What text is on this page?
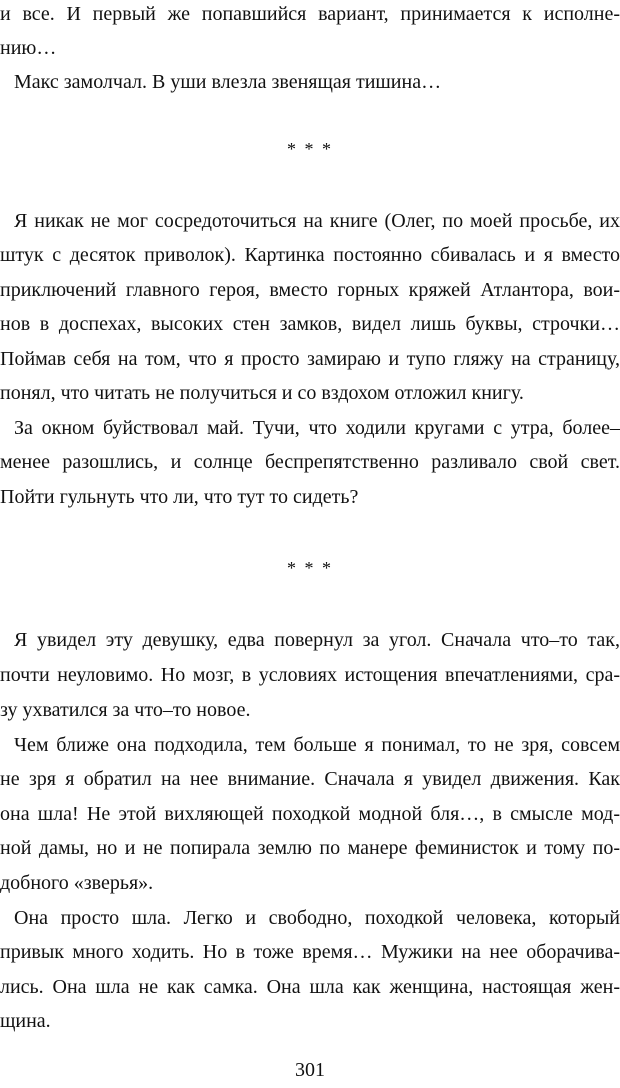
и все. И первый же попавшийся вариант, принимается к исполне-
нию…
Макс замолчал. В уши влезла звенящая тишина…
* * *
Я никак не мог сосредоточиться на книге (Олег, по моей просьбе, их
штук с десяток приволок). Картинка постоянно сбивалась и я вместо
приключений главного героя, вместо горных кряжей Атлантора, вои-
нов в доспехах, высоких стен замков, видел лишь буквы, строчки…
Поймав себя на том, что я просто замираю и тупо гляжу на страницу,
понял, что читать не получиться и со вздохом отложил книгу.
За окном буйствовал май. Тучи, что ходили кругами с утра, более–
менее разошлись, и солнце беспрепятственно разливало свой свет.
Пойти гульнуть что ли, что тут то сидеть?
* * *
Я увидел эту девушку, едва повернул за угол. Сначала что–то так,
почти неуловимо. Но мозг, в условиях истощения впечатлениями, сра-
зу ухватился за что–то новое.
Чем ближе она подходила, тем больше я понимал, то не зря, совсем
не зря я обратил на нее внимание. Сначала я увидел движения. Как
она шла! Не этой вихляющей походкой модной бля…, в смысле мод-
ной дамы, но и не попирала землю по манере феминисток и тому по-
добного «зверья».
Она просто шла. Легко и свободно, походкой человека, который
привык много ходить. Но в тоже время… Мужики на нее оборачива-
лись. Она шла не как самка. Она шла как женщина, настоящая жен-
щина.
301
